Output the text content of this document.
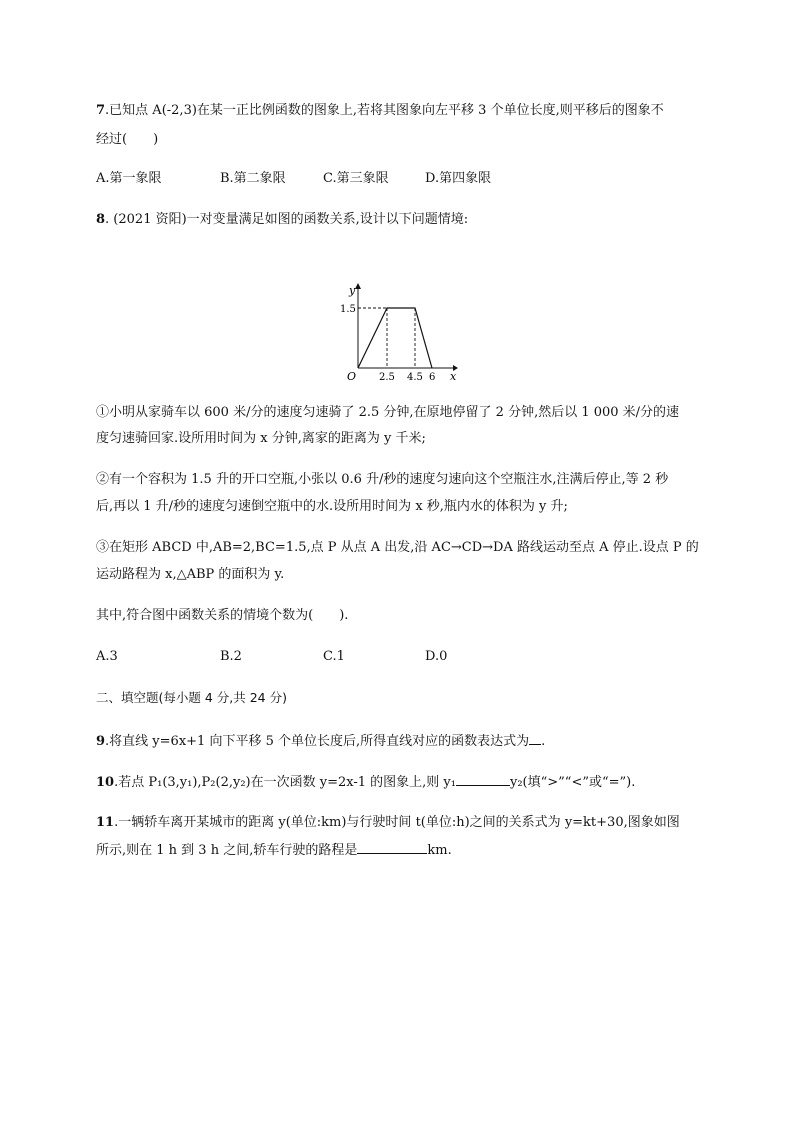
7.已知点 A(-2,3)在某一正比例函数的图象上,若将其图象向左平移 3 个单位长度,则平移后的图象不
经过(　　)
A.第一象限	B.第二象限	C.第三象限	D.第四象限
8. (2021 资阳)一对变量满足如图的函数关系,设计以下问题情境:
y
x
O
1.5
2.5 4.5 6
①小明从家骑车以 600 米/分的速度匀速骑了 2.5 分钟,在原地停留了 2 分钟,然后以 1 000 米/分的速
度匀速骑回家.设所用时间为 x 分钟,离家的距离为 y 千米;
②有一个容积为 1.5 升的开口空瓶,小张以 0.6 升/秒的速度匀速向这个空瓶注水,注满后停止,等 2 秒
后,再以 1 升/秒的速度匀速倒空瓶中的水.设所用时间为 x 秒,瓶内水的体积为 y 升;
③在矩形 ABCD 中,AB=2,BC=1.5,点 P 从点 A 出发,沿 AC→CD→DA 路线运动至点 A 停止.设点 P 的
运动路程为 x,△ABP 的面积为 y.
其中,符合图中函数关系的情境个数为(　　).
A.3	B.2	C.1	D.0
二、填空题(每小题 4 分,共 24 分)
9.将直线 y=6x+1 向下平移 5 个单位长度后,所得直线对应的函数表达式为 .
10.若点 P₁(3,y₁),P₂(2,y₂)在一次函数 y=2x-1 的图象上,则 y₁	y₂(填“>”“<”或“=”).
11.一辆轿车离开某城市的距离 y(单位:km)与行驶时间 t(单位:h)之间的关系式为 y=kt+30,图象如图
所示,则在 1 h 到 3 h 之间,轿车行驶的路程是	km.
